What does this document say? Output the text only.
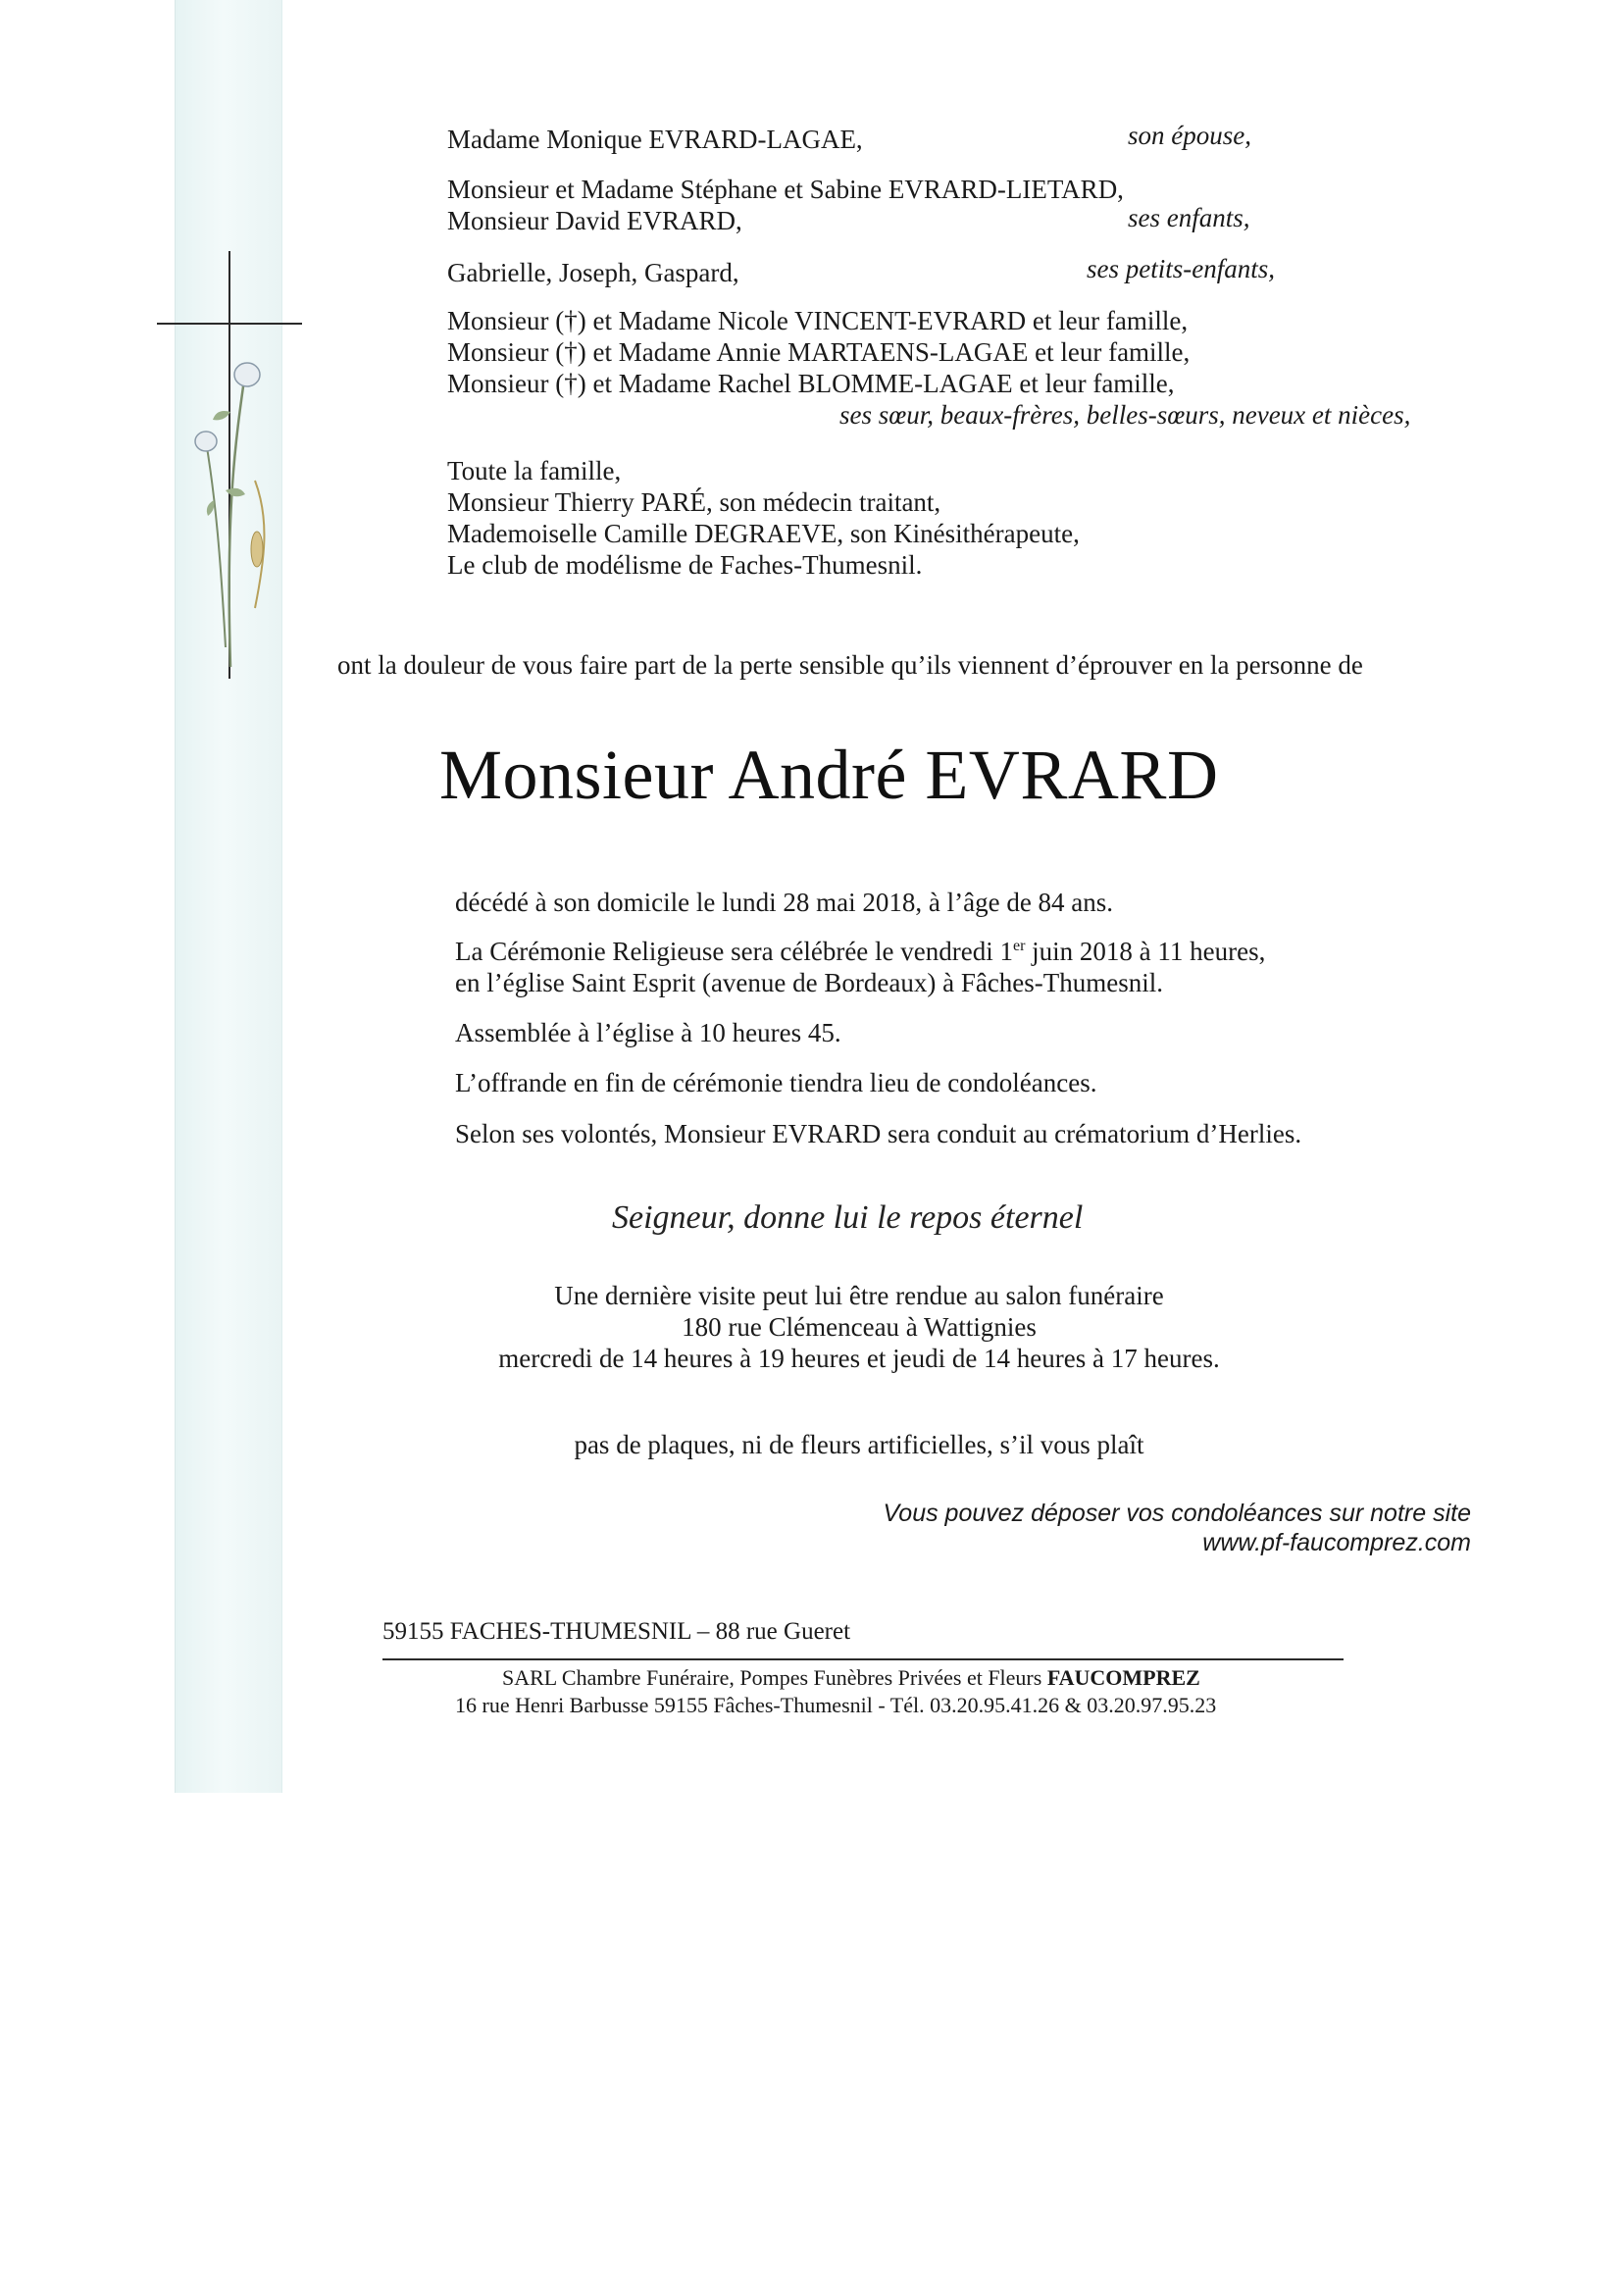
Madame Monique EVRARD-LAGAE,	son épouse,
Monsieur et Madame Stéphane et Sabine EVRARD-LIETARD,
Monsieur David EVRARD,	ses enfants,
Gabrielle, Joseph, Gaspard,	ses petits-enfants,
Monsieur (†) et Madame Nicole VINCENT-EVRARD et leur famille,
Monsieur (†) et Madame Annie MARTAENS-LAGAE et leur famille,
Monsieur (†) et Madame Rachel BLOMME-LAGAE et leur famille,
ses sœur, beaux-frères, belles-sœurs, neveux et nièces,
Toute la famille,
Monsieur Thierry PARÉ, son médecin traitant,
Mademoiselle Camille DEGRAEVE, son Kinésithérapeute,
Le club de modélisme de Faches-Thumesnil.
ont la douleur de vous faire part de la perte sensible qu’ils viennent d’éprouver en la personne de
Monsieur André EVRARD
décédé à son domicile le lundi 28 mai 2018, à l’âge de 84 ans.
La Cérémonie Religieuse sera célébrée le vendredi 1er juin 2018 à 11 heures,
en l’église Saint Esprit (avenue de Bordeaux) à Fâches-Thumesnil.
Assemblée à l’église à 10 heures 45.
L’offrande en fin de cérémonie tiendra lieu de condoléances.
Selon ses volontés, Monsieur EVRARD sera conduit au crématorium d’Herlies.
Seigneur, donne lui le repos éternel
Une dernière visite peut lui être rendue au salon funéraire
180 rue Clémenceau à Wattignies
mercredi de 14 heures à 19 heures et jeudi de 14 heures à 17 heures.
pas de plaques, ni de fleurs artificielles, s’il vous plaît
Vous pouvez déposer vos condoléances sur notre site
www.pf-faucomprez.com
59155 FACHES-THUMESNIL – 88 rue Gueret
SARL Chambre Funéraire, Pompes Funèbres Privées et Fleurs FAUCOMPREZ
16 rue Henri Barbusse 59155 Fâches-Thumesnil - Tél. 03.20.95.41.26 & 03.20.97.95.23
